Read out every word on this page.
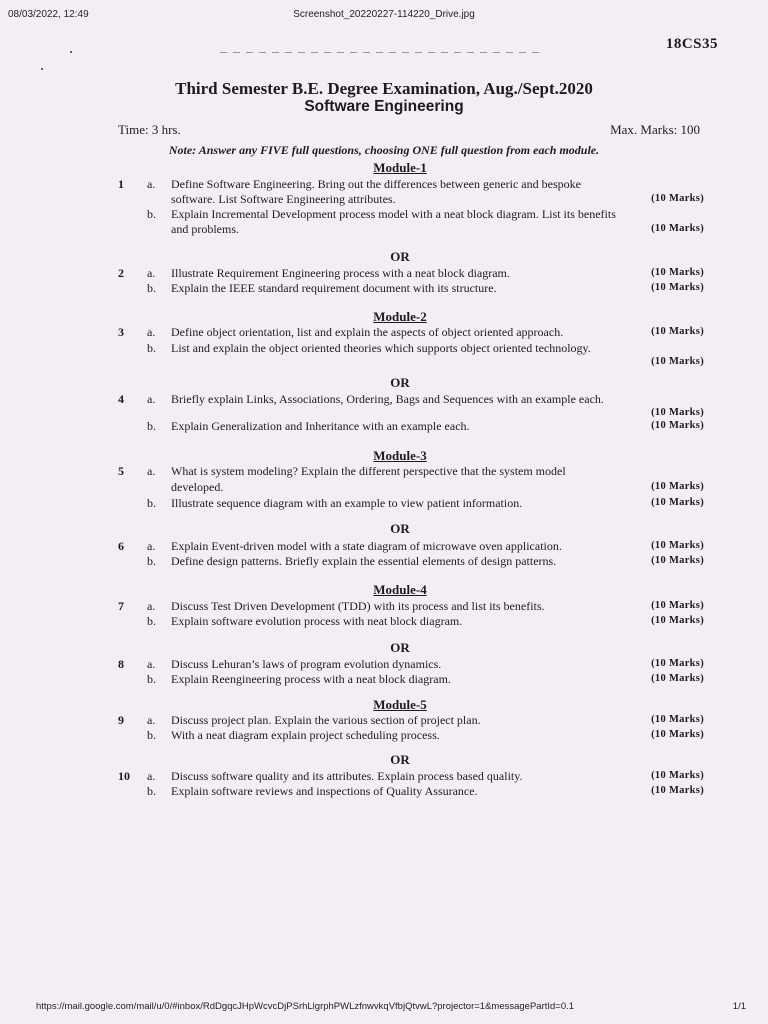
08/03/2022, 12:49	Screenshot_20220227-114220_Drive.jpg
18CS35
Third Semester B.E. Degree Examination, Aug./Sept.2020
Software Engineering
Time: 3 hrs.	Max. Marks: 100
Note: Answer any FIVE full questions, choosing ONE full question from each module.
Module-1
1 a. Define Software Engineering. Bring out the differences between generic and bespoke
software. List Software Engineering attributes.	(10 Marks)
b. Explain Incremental Development process model with a neat block diagram. List its benefits
and problems.	(10 Marks)
OR
2 a. Illustrate Requirement Engineering process with a neat block diagram.	(10 Marks)
b. Explain the IEEE standard requirement document with its structure.	(10 Marks)
Module-2
3 a. Define object orientation, list and explain the aspects of object oriented approach.	(10 Marks)
b. List and explain the object oriented theories which supports object oriented technology.
(10 Marks)
OR
4 a. Briefly explain Links, Associations, Ordering, Bags and Sequences with an example each.
(10 Marks)
b. Explain Generalization and Inheritance with an example each.	(10 Marks)
Module-3
5 a. What is system modeling? Explain the different perspective that the system model
developed.	(10 Marks)
b. Illustrate sequence diagram with an example to view patient information.	(10 Marks)
OR
6 a. Explain Event-driven model with a state diagram of microwave oven application.	(10 Marks)
b. Define design patterns. Briefly explain the essential elements of design patterns.	(10 Marks)
Module-4
7 a. Discuss Test Driven Development (TDD) with its process and list its benefits.	(10 Marks)
b. Explain software evolution process with neat block diagram.	(10 Marks)
OR
8 a. Discuss Lehuran’s laws of program evolution dynamics.	(10 Marks)
b. Explain Reengineering process with a neat block diagram.	(10 Marks)
Module-5
9 a. Discuss project plan. Explain the various section of project plan.	(10 Marks)
b. With a neat diagram explain project scheduling process.	(10 Marks)
OR
10 a. Discuss software quality and its attributes. Explain process based quality.	(10 Marks)
b. Explain software reviews and inspections of Quality Assurance.	(10 Marks)
https://mail.google.com/mail/u/0/#inbox/RdDgqcJHpWcvcDjPSrhLlgrphPWLzfnwvkqVfbjQtvwL?projector=1&messagePartId=0.1	1/1
